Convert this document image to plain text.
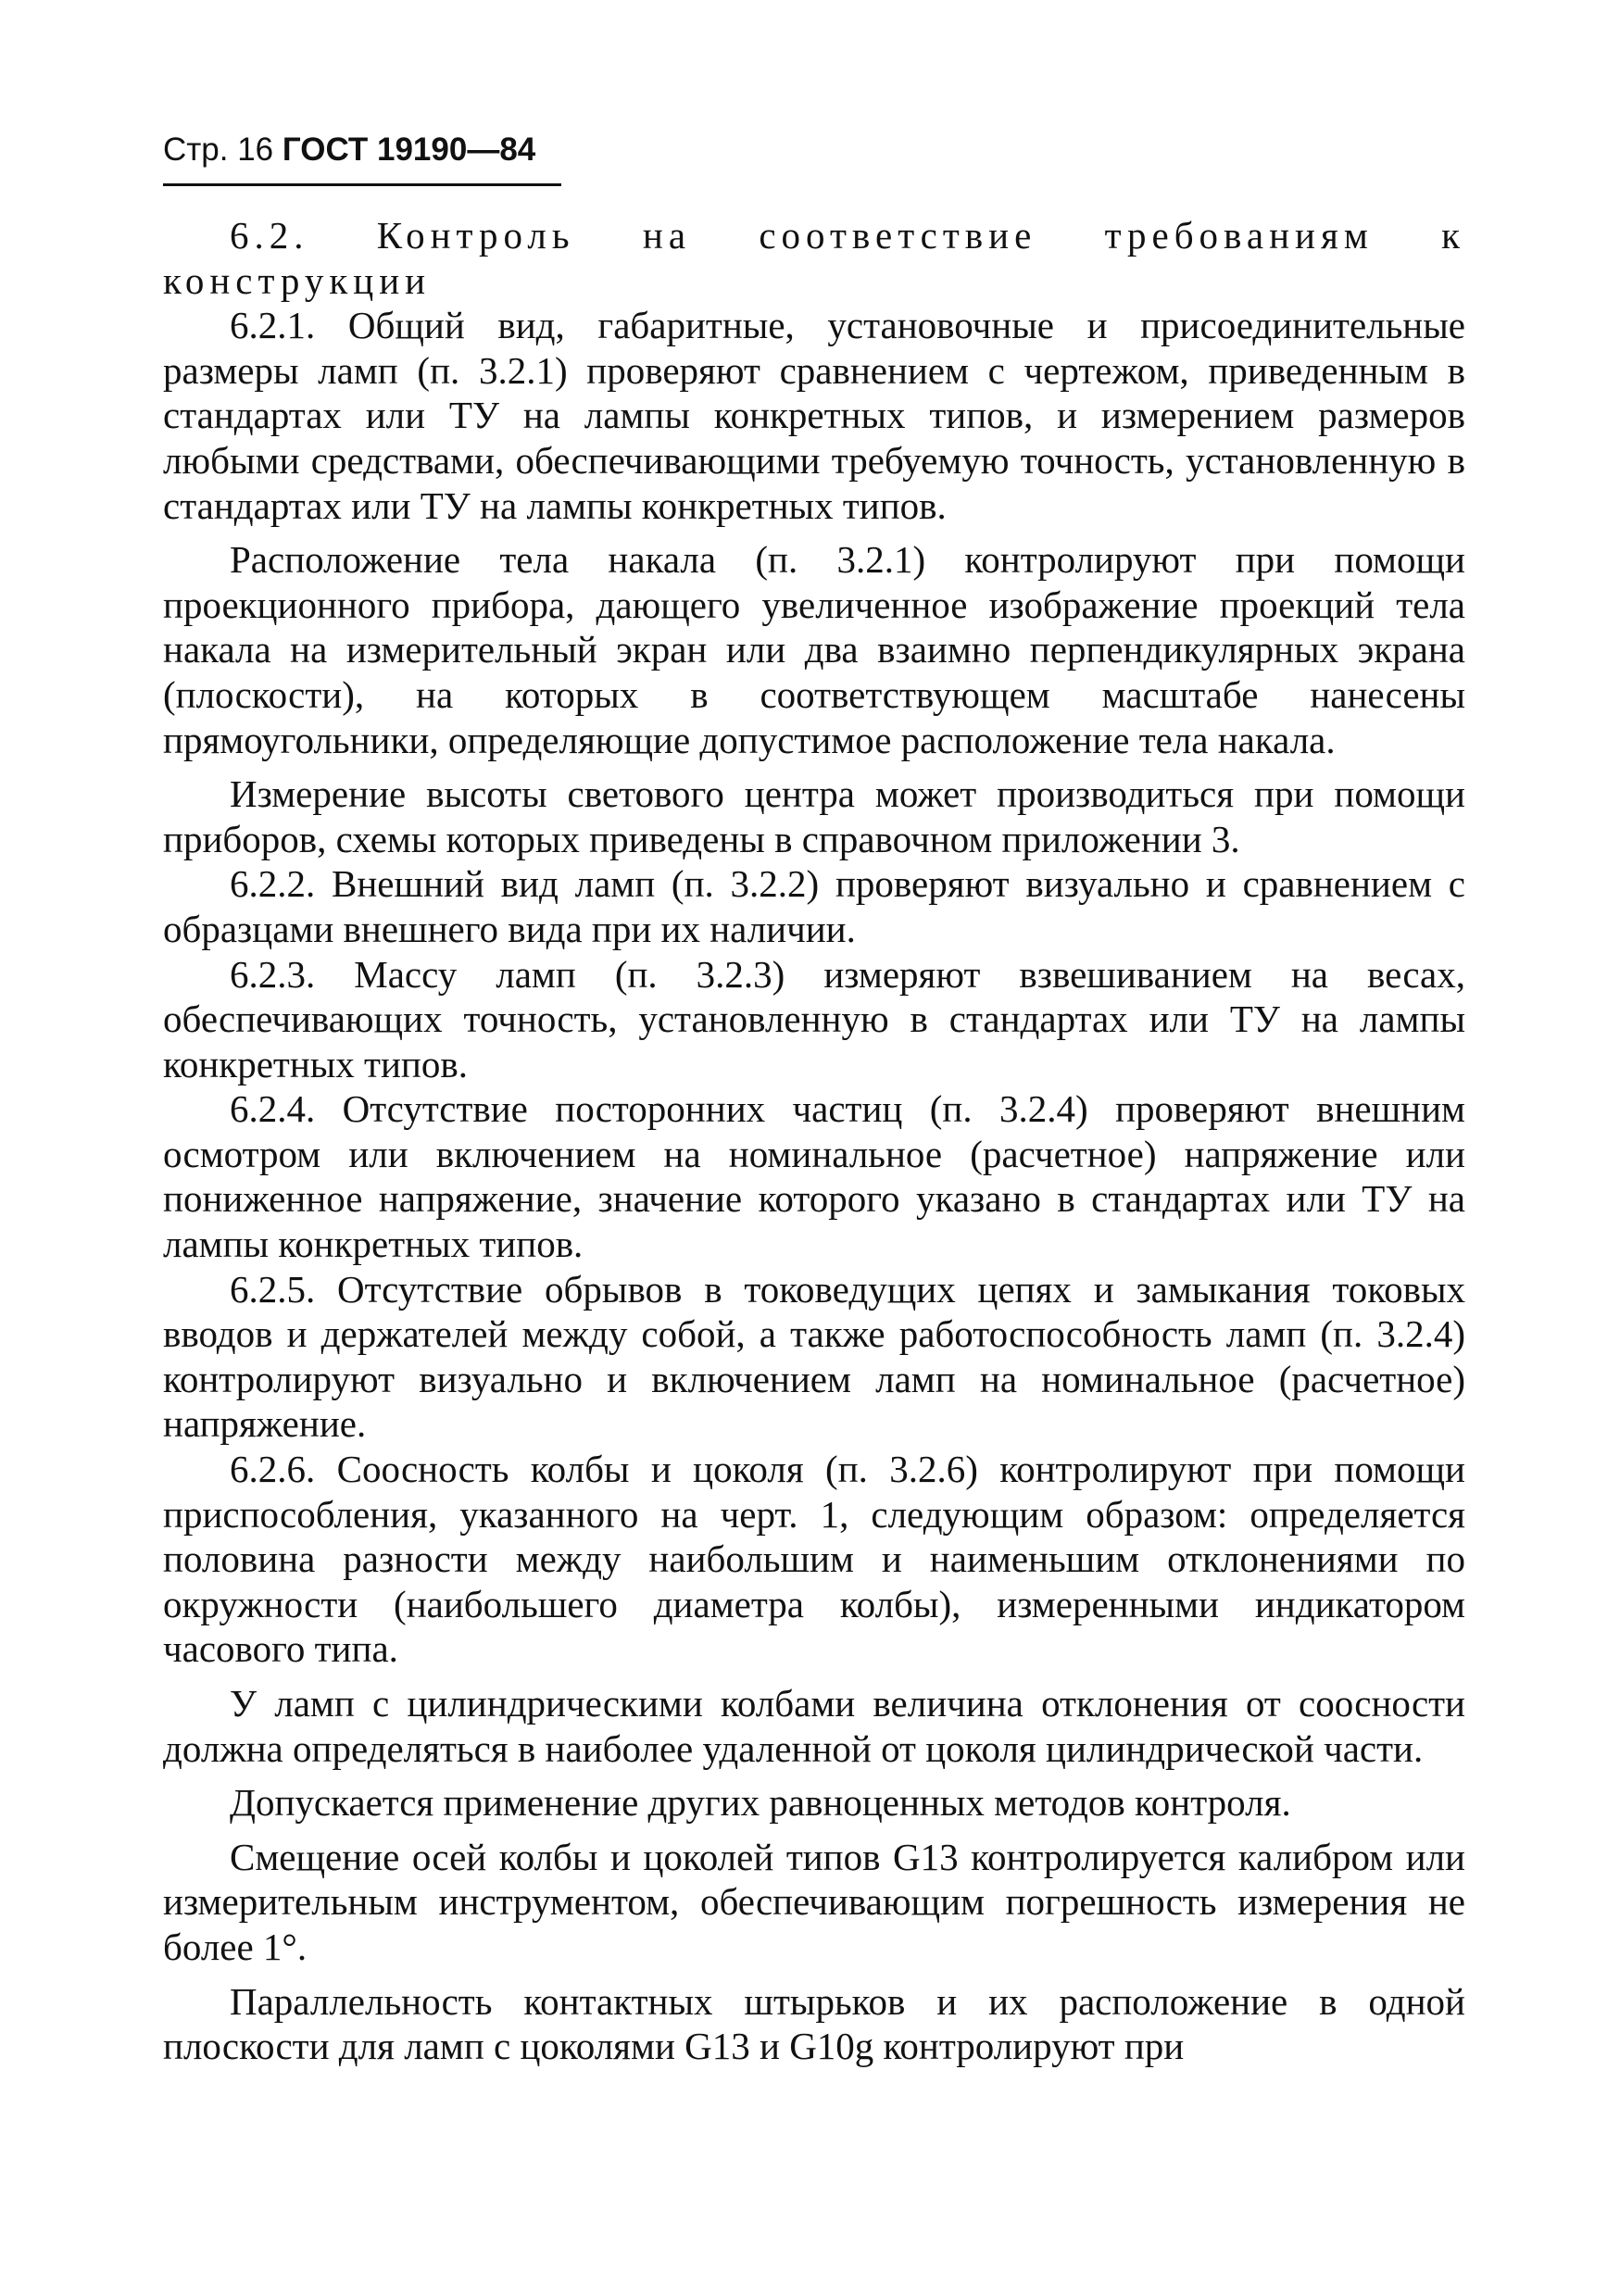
Стр. 16 ГОСТ 19190—84

6.2. Контроль на соответствие требованиям к конструкции

6.2.1. Общий вид, габаритные, установочные и присоединительные размеры ламп (п. 3.2.1) проверяют сравнением с чертежом, приведенным в стандартах или ТУ на лампы конкретных типов, и измерением размеров любыми средствами, обеспечивающими требуемую точность, установленную в стандартах или ТУ на лампы конкретных типов.

Расположение тела накала (п. 3.2.1) контролируют при помощи проекционного прибора, дающего увеличенное изображение проекций тела накала на измерительный экран или два взаимно перпендикулярных экрана (плоскости), на которых в соответствующем масштабе нанесены прямоугольники, определяющие допустимое расположение тела накала.

Измерение высоты светового центра может производиться при помощи приборов, схемы которых приведены в справочном приложении 3.

6.2.2. Внешний вид ламп (п. 3.2.2) проверяют визуально и сравнением с образцами внешнего вида при их наличии.

6.2.3. Массу ламп (п. 3.2.3) измеряют взвешиванием на весах, обеспечивающих точность, установленную в стандартах или ТУ на лампы конкретных типов.

6.2.4. Отсутствие посторонних частиц (п. 3.2.4) проверяют внешним осмотром или включением на номинальное (расчетное) напряжение или пониженное напряжение, значение которого указано в стандартах или ТУ на лампы конкретных типов.

6.2.5. Отсутствие обрывов в токоведущих цепях и замыкания токовых вводов и держателей между собой, а также работоспособность ламп (п. 3.2.4) контролируют визуально и включением ламп на номинальное (расчетное) напряжение.

6.2.6. Соосность колбы и цоколя (п. 3.2.6) контролируют при помощи приспособления, указанного на черт. 1, следующим образом: определяется половина разности между наибольшим и наименьшим отклонениями по окружности (наибольшего диаметра колбы), измеренными индикатором часового типа.

У ламп с цилиндрическими колбами величина отклонения от соосности должна определяться в наиболее удаленной от цоколя цилиндрической части.

Допускается применение других равноценных методов контроля.

Смещение осей колбы и цоколей типов G13 контролируется калибром или измерительным инструментом, обеспечивающим погрешность измерения не более 1°.

Параллельность контактных штырьков и их расположение в одной плоскости для ламп с цоколями G13 и G10g контролируют при
